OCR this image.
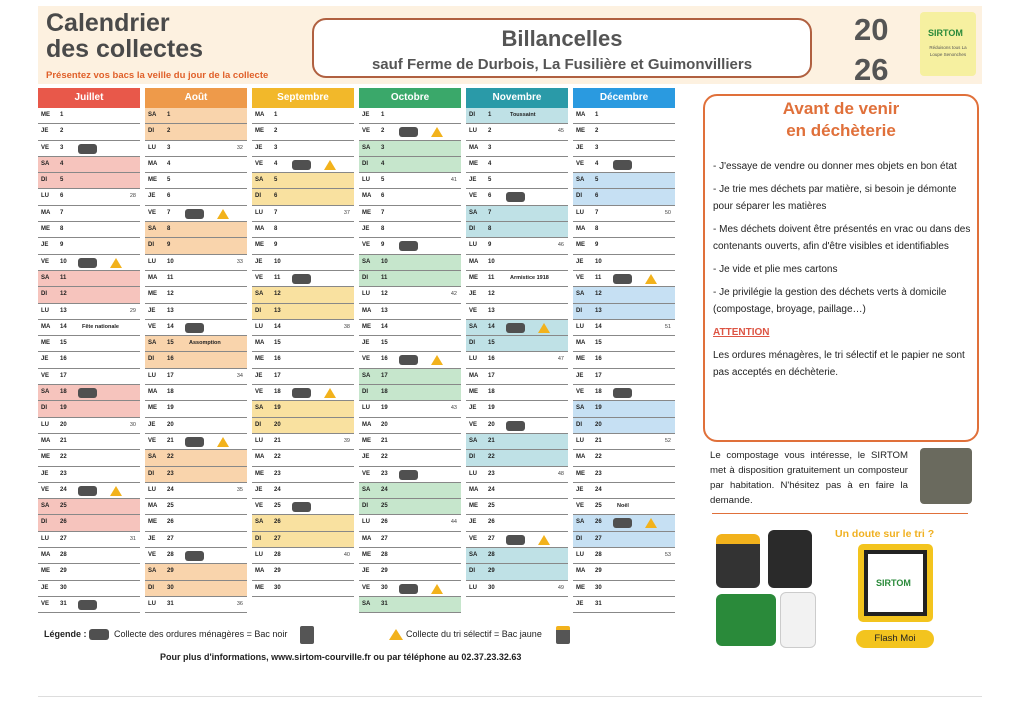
Calendrier
des collectes
Présentez vos bacs la veille du jour de la collecte
Billancelles
sauf Ferme de Durbois, La Fusilière et Guimonvilliers
20
26
SIRTOM
Réduisons tous La Loupe Senonches
Juillet
ME 1
JE 2
VE 3
SA 4
DI 5
LU 6	28
MA 7
ME 8
JE 9
VE 10
SA 11
DI 12
LU 13	29
MA 14	Fête nationale
ME 15
JE 16
VE 17
SA 18
DI 19
LU 20	30
MA 21
ME 22
JE 23
VE 24
SA 25
DI 26
LU 27	31
MA 28
ME 29
JE 30
VE 31
Août
SA 1
DI 2
LU 3	32
MA 4
ME 5
JE 6
VE 7
SA 8
DI 9
LU 10	33
MA 11
ME 12
JE 13
VE 14
SA 15	Assomption
DI 16
LU 17	34
MA 18
ME 19
JE 20
VE 21
SA 22
DI 23
LU 24	35
MA 25
ME 26
JE 27
VE 28
SA 29
DI 30
LU 31	36
Septembre
MA 1
ME 2
JE 3
VE 4
SA 5
DI 6
LU 7	37
MA 8
ME 9
JE 10
VE 11
SA 12
DI 13
LU 14	38
MA 15
ME 16
JE 17
VE 18
SA 19
DI 20
LU 21	39
MA 22
ME 23
JE 24
VE 25
SA 26
DI 27
LU 28	40
MA 29
ME 30
Octobre
JE 1
VE 2
SA 3
DI 4
LU 5	41
MA 6
ME 7
JE 8
VE 9
SA 10
DI 11
LU 12	42
MA 13
ME 14
JE 15
VE 16
SA 17
DI 18
LU 19	43
MA 20
ME 21
JE 22
VE 23
SA 24
DI 25
LU 26	44
MA 27
ME 28
JE 29
VE 30
SA 31
Novembre
DI 1	Toussaint
LU 2	45
MA 3
ME 4
JE 5
VE 6
SA 7
DI 8
LU 9	46
MA 10
ME 11	Armistice 1918
JE 12
VE 13
SA 14
DI 15
LU 16	47
MA 17
ME 18
JE 19
VE 20
SA 21
DI 22
LU 23	48
MA 24
ME 25
JE 26
VE 27
SA 28
DI 29
LU 30	49
Décembre
MA 1
ME 2
JE 3
VE 4
SA 5
DI 6
LU 7	50
MA 8
ME 9
JE 10
VE 11
SA 12
DI 13
LU 14	51
MA 15
ME 16
JE 17
VE 18
SA 19
DI 20
LU 21	52
MA 22
ME 23
JE 24
VE 25	Noël
SA 26
DI 27
LU 28	53
MA 29
ME 30
JE 31
Légende :	Collecte des ordures ménagères = Bac noir	Collecte du tri sélectif = Bac jaune
Pour plus d'informations, www.sirtom-courville.fr ou par téléphone au 02.37.23.32.63
Avant de venir
en déchèterie

- J'essaye de vendre ou donner mes objets en bon état

- Je trie mes déchets par matière, si besoin je démonte pour séparer les matières

- Mes déchets doivent être présentés en vrac ou dans des contenants ouverts, afin d'être visibles et identifiables

- Je vide et plie mes cartons

- Je privilégie la gestion des déchets verts à domicile (compostage, broyage, paillage…)

ATTENTION

Les ordures ménagères, le tri sélectif et le papier ne sont pas acceptés en déchèterie.

Le compostage vous intéresse, le SIRTOM met à disposition gratuitement un composteur par habitation. N'hésitez pas à en faire la demande.
Un doute sur le tri ?
SIRTOM
Flash Moi
